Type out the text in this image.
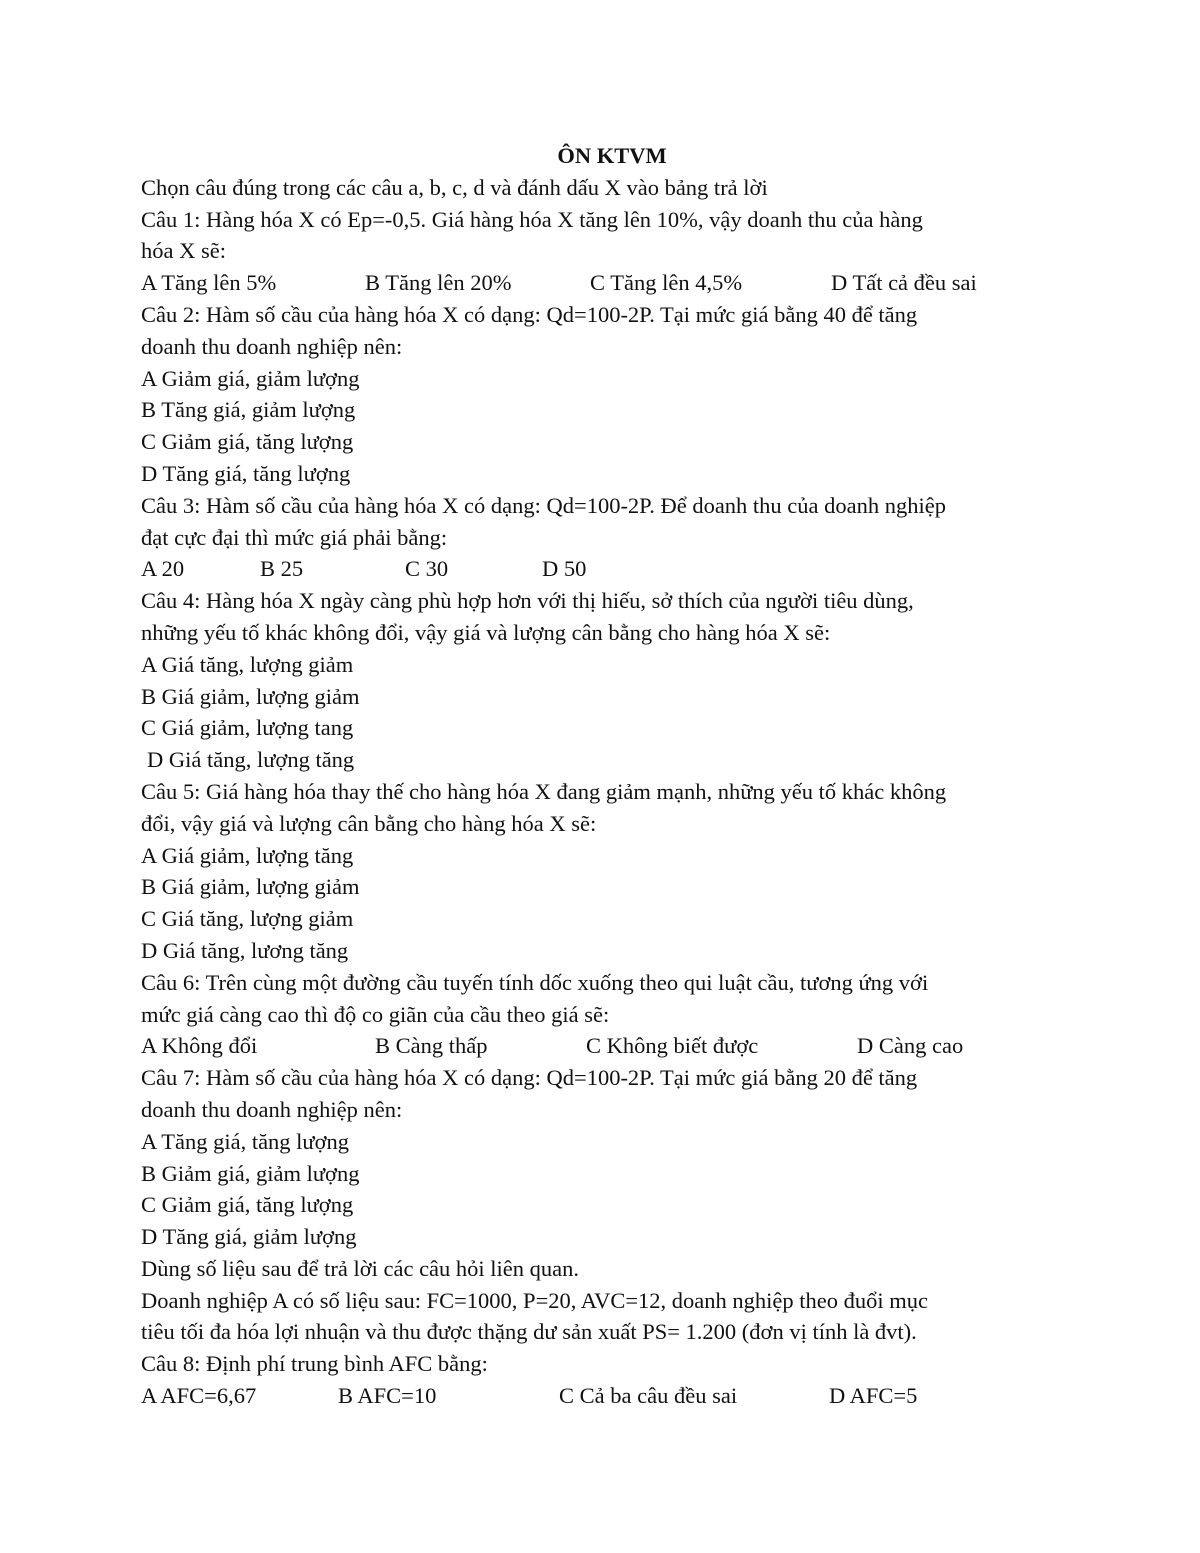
ÔN KTVM
Chọn câu đúng trong các câu a, b, c, d và đánh dấu X vào bảng trả lời
Câu 1: Hàng hóa X có Ep=-0,5. Giá hàng hóa X tăng lên 10%, vậy doanh thu của hàng
hóa X sẽ:
A Tăng lên 5%	B Tăng lên 20%	C Tăng lên 4,5%	D Tất cả đều sai
Câu 2: Hàm số cầu của hàng hóa X có dạng: Qd=100-2P. Tại mức giá bằng 40 để tăng
doanh thu doanh nghiệp nên:
A Giảm giá, giảm lượng
B Tăng giá, giảm lượng
C Giảm giá, tăng lượng
D Tăng giá, tăng lượng
Câu 3: Hàm số cầu của hàng hóa X có dạng: Qd=100-2P. Để doanh thu của doanh nghiệp
đạt cực đại thì mức giá phải bằng:
A 20	B 25	C 30	D 50
Câu 4: Hàng hóa X ngày càng phù hợp hơn với thị hiếu, sở thích của người tiêu dùng,
những yếu tố khác không đổi, vậy giá và lượng cân bằng cho hàng hóa X sẽ:
A Giá tăng, lượng giảm
B Giá giảm, lượng giảm
C Giá giảm, lượng tang
D Giá tăng, lượng tăng
Câu 5: Giá hàng hóa thay thế cho hàng hóa X đang giảm mạnh, những yếu tố khác không
đổi, vậy giá và lượng cân bằng cho hàng hóa X sẽ:
A Giá giảm, lượng tăng
B Giá giảm, lượng giảm
C Giá tăng, lượng giảm
D Giá tăng, lương tăng
Câu 6: Trên cùng một đường cầu tuyến tính dốc xuống theo qui luật cầu, tương ứng với
mức giá càng cao thì độ co giãn của cầu theo giá sẽ:
A Không đổi	B Càng thấp	C Không biết được	D Càng cao
Câu 7: Hàm số cầu của hàng hóa X có dạng: Qd=100-2P. Tại mức giá bằng 20 để tăng
doanh thu doanh nghiệp nên:
A Tăng giá, tăng lượng
B Giảm giá, giảm lượng
C Giảm giá, tăng lượng
D Tăng giá, giảm lượng
Dùng số liệu sau để trả lời các câu hỏi liên quan.
Doanh nghiệp A có số liệu sau: FC=1000, P=20, AVC=12, doanh nghiệp theo đuổi mục
tiêu tối đa hóa lợi nhuận và thu được thặng dư sản xuất PS= 1.200 (đơn vị tính là đvt).
Câu 8: Định phí trung bình AFC bằng:
A AFC=6,67	B AFC=10	C Cả ba câu đều sai	D AFC=5
